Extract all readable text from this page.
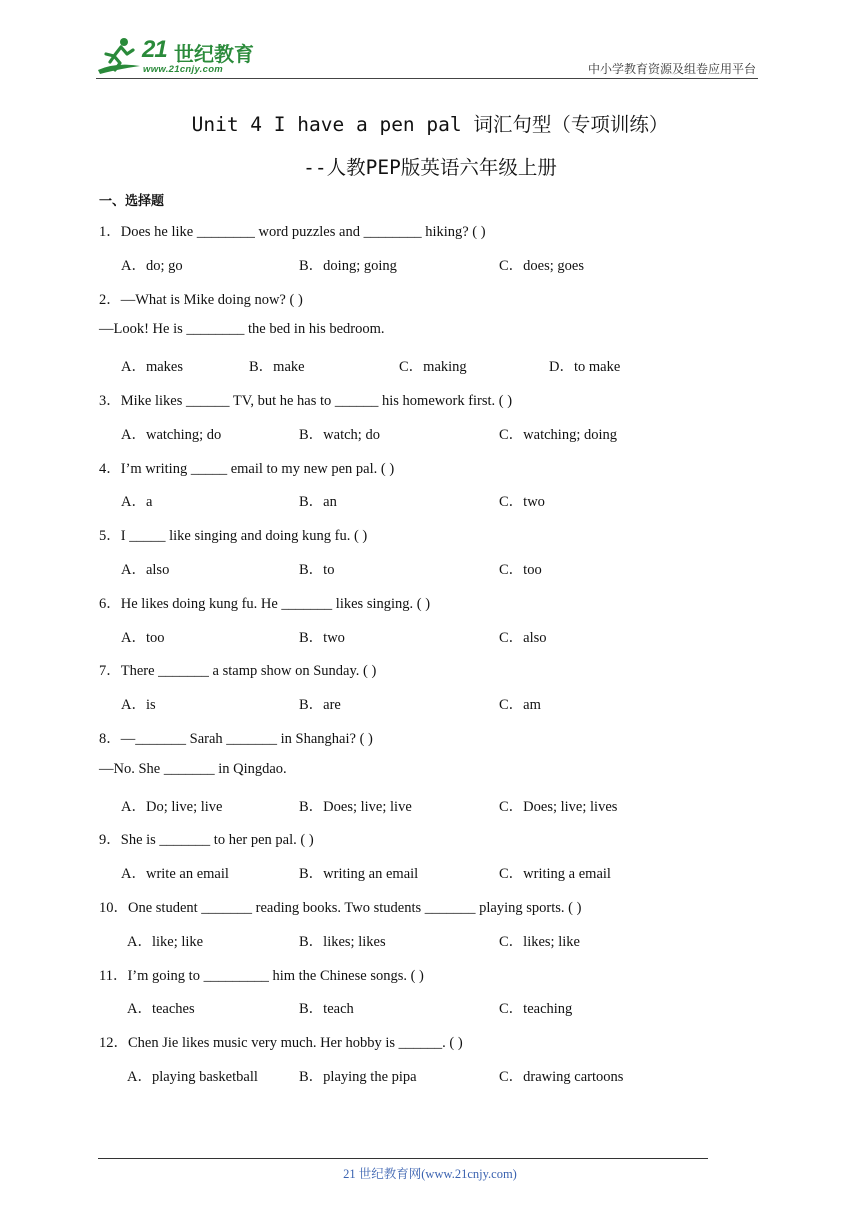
21 世纪教育
www.21cnjy.com	中小学教育资源及组卷应用平台
Unit 4 I have a pen pal 词汇句型（专项训练）
--人教PEP版英语六年级上册
一、选择题
1．Does he like ________ word puzzles and ________ hiking? ( )
A．do; go	B．doing; going	C．does; goes
2．—What is Mike doing now? ( )
—Look! He is ________ the bed in his bedroom.
A．makes	B．make	C．making	D．to make
3．Mike likes ______ TV, but he has to ______ his homework first. ( )
A．watching; do	B．watch; do	C．watching; doing
4．I’m writing _____ email to my new pen pal. ( )
A．a	B．an	C．two
5．I _____ like singing and doing kung fu. ( )
A．also	B．to	C．too
6．He likes doing kung fu. He _______ likes singing. ( )
A．too	B．two	C．also
7．There _______ a stamp show on Sunday. ( )
A．is	B．are	C．am
8．—_______ Sarah _______ in Shanghai? ( )
—No. She _______ in Qingdao.
A．Do; live; live	B．Does; live; live	C．Does; live; lives
9．She is _______ to her pen pal. ( )
A．write an email	B．writing an email	C．writing a email
10．One student _______ reading books. Two students _______ playing sports. ( )
A．like; like	B．likes; likes	C．likes; like
11．I’m going to _________ him the Chinese songs. ( )
A．teaches	B．teach	C．teaching
12．Chen Jie likes music very much. Her hobby is ______. ( )
A．playing basketball	B．playing the pipa	C．drawing cartoons
21 世纪教育网(www.21cnjy.com)
